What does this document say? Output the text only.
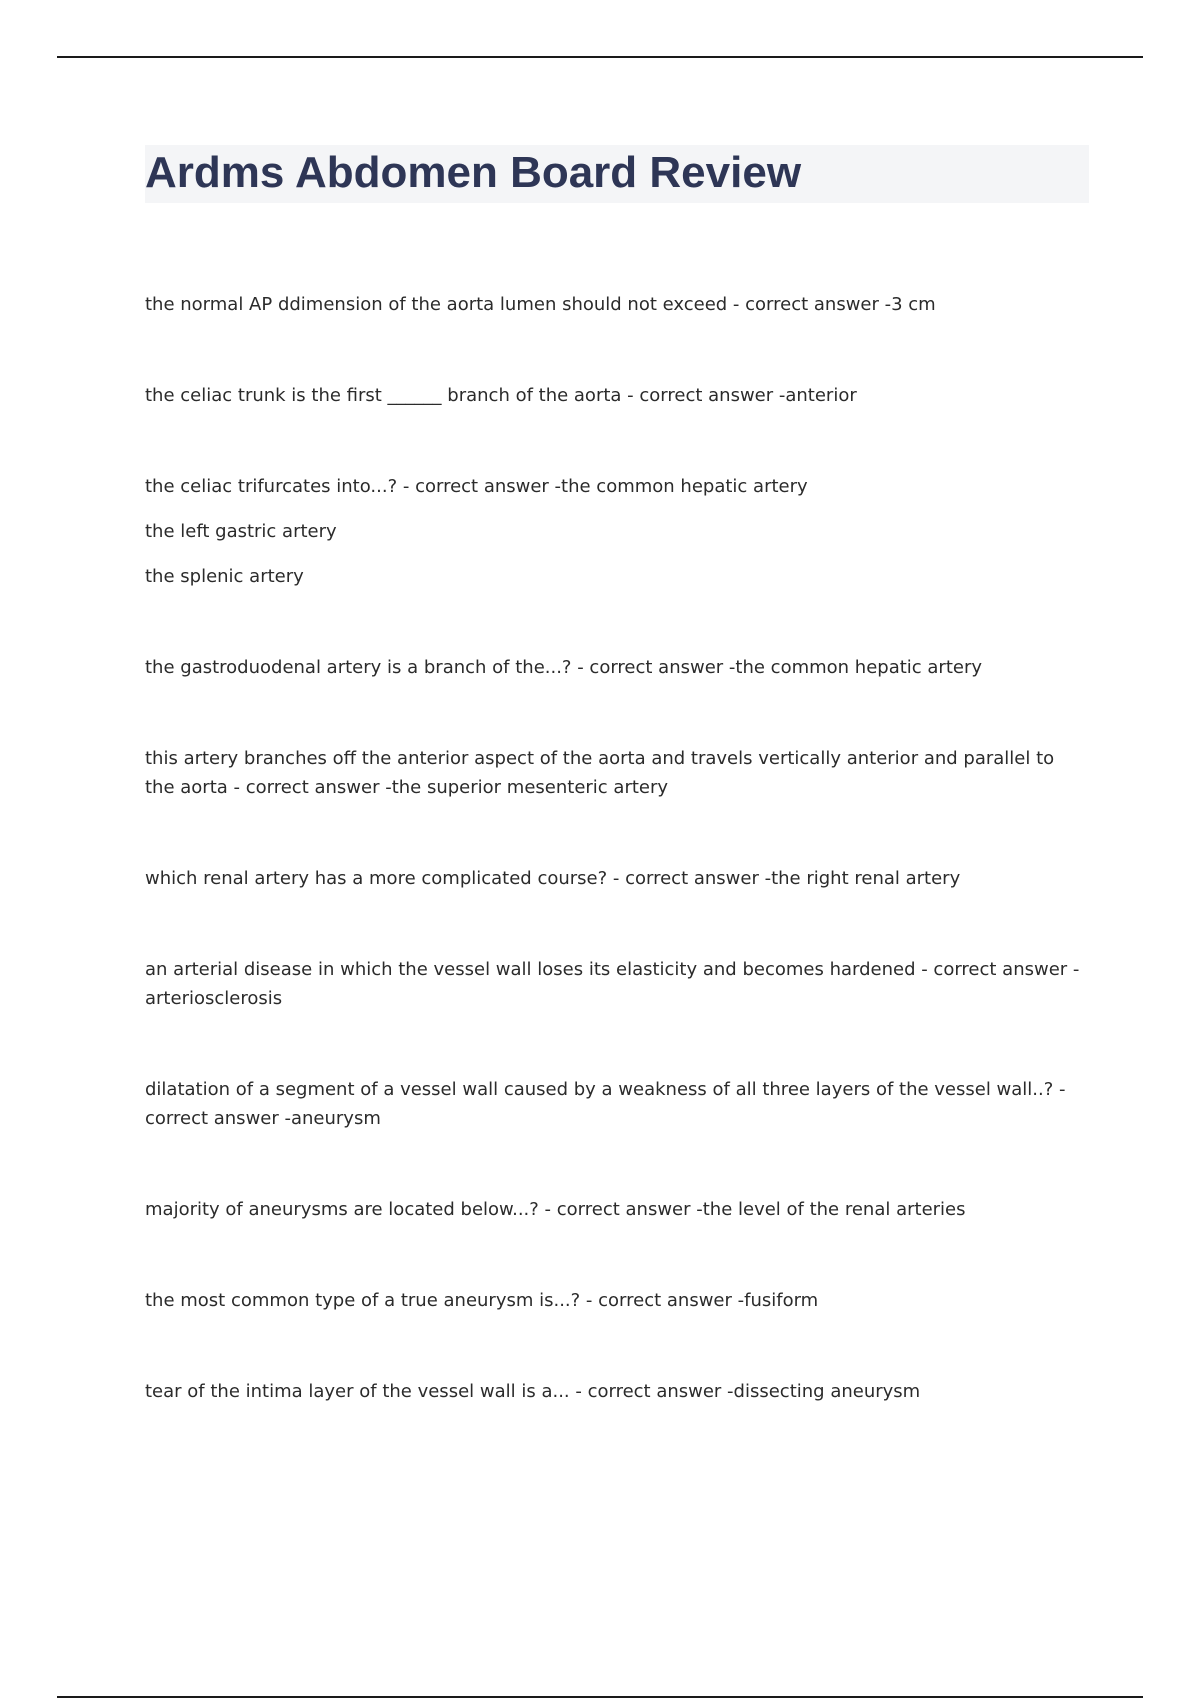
Ardms Abdomen Board Review

the normal AP ddimension of the aorta lumen should not exceed - correct answer -3 cm

the celiac trunk is the first ______ branch of the aorta - correct answer -anterior

the celiac trifurcates into...? - correct answer -the common hepatic artery

the left gastric artery

the splenic artery

the gastroduodenal artery is a branch of the...? - correct answer -the common hepatic artery

this artery branches off the anterior aspect of the aorta and travels vertically anterior and parallel to the aorta - correct answer -the superior mesenteric artery

which renal artery has a more complicated course? - correct answer -the right renal artery

an arterial disease in which the vessel wall loses its elasticity and becomes hardened - correct answer -arteriosclerosis

dilatation of a segment of a vessel wall caused by a weakness of all three layers of the vessel wall..? - correct answer -aneurysm

majority of aneurysms are located below...? - correct answer -the level of the renal arteries

the most common type of a true aneurysm is...? - correct answer -fusiform

tear of the intima layer of the vessel wall is a... - correct answer -dissecting aneurysm
